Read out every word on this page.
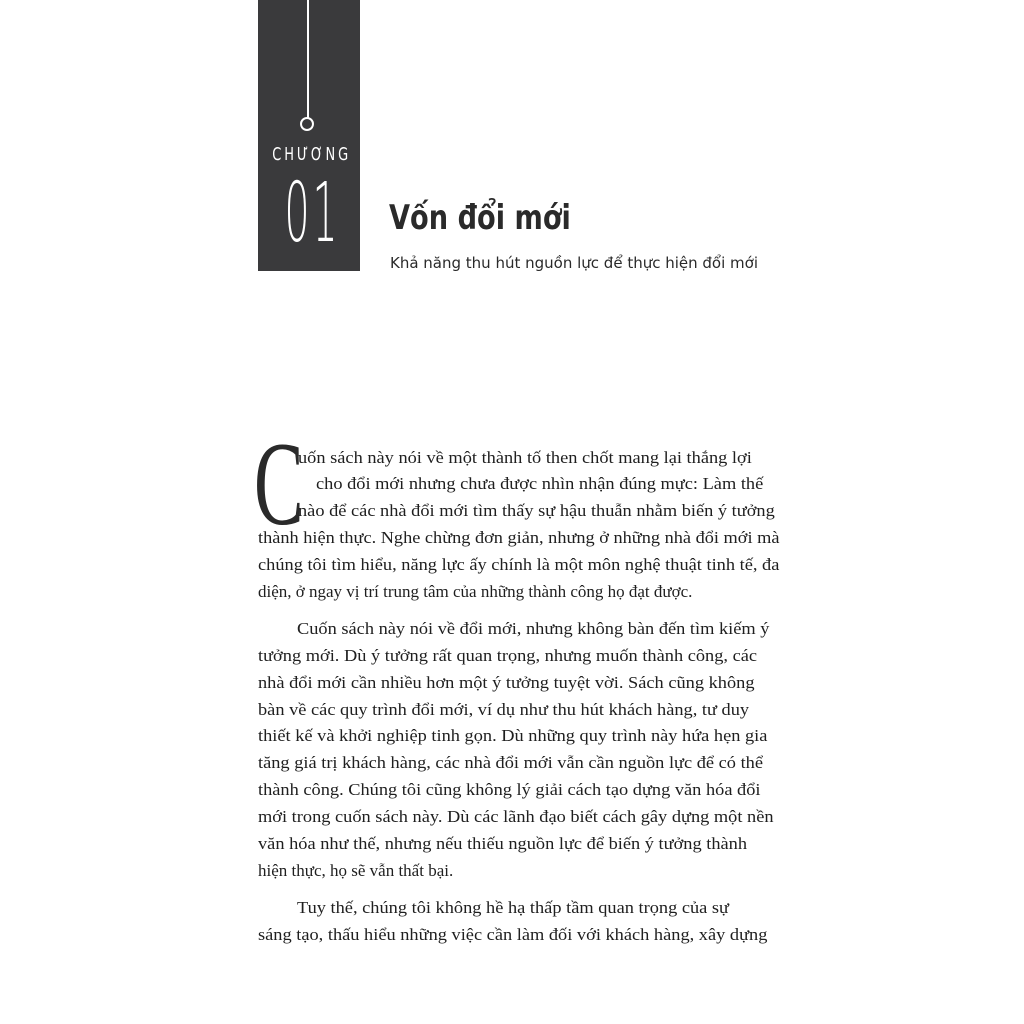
CHƯƠNG
01 Vốn đổi mới
Khả năng thu hút nguồn lực để thực hiện đổi mới
C
uốn sách này nói về một thành tố then chốt mang lại thắng lợi
cho đổi mới nhưng chưa được nhìn nhận đúng mực: Làm thế
nào để các nhà đổi mới tìm thấy sự hậu thuẫn nhằm biến ý tưởng
thành hiện thực. Nghe chừng đơn giản, nhưng ở những nhà đổi mới mà
chúng tôi tìm hiểu, năng lực ấy chính là một môn nghệ thuật tinh tế, đa
diện, ở ngay vị trí trung tâm của những thành công họ đạt được.
Cuốn sách này nói về đổi mới, nhưng không bàn đến tìm kiếm ý
tưởng mới. Dù ý tưởng rất quan trọng, nhưng muốn thành công, các
nhà đổi mới cần nhiều hơn một ý tưởng tuyệt vời. Sách cũng không
bàn về các quy trình đổi mới, ví dụ như thu hút khách hàng, tư duy
thiết kế và khởi nghiệp tinh gọn. Dù những quy trình này hứa hẹn gia
tăng giá trị khách hàng, các nhà đổi mới vẫn cần nguồn lực để có thể
thành công. Chúng tôi cũng không lý giải cách tạo dựng văn hóa đổi
mới trong cuốn sách này. Dù các lãnh đạo biết cách gây dựng một nền
văn hóa như thế, nhưng nếu thiếu nguồn lực để biến ý tưởng thành
hiện thực, họ sẽ vẫn thất bại.
Tuy thế, chúng tôi không hề hạ thấp tầm quan trọng của sự
sáng tạo, thấu hiểu những việc cần làm đối với khách hàng, xây dựng
